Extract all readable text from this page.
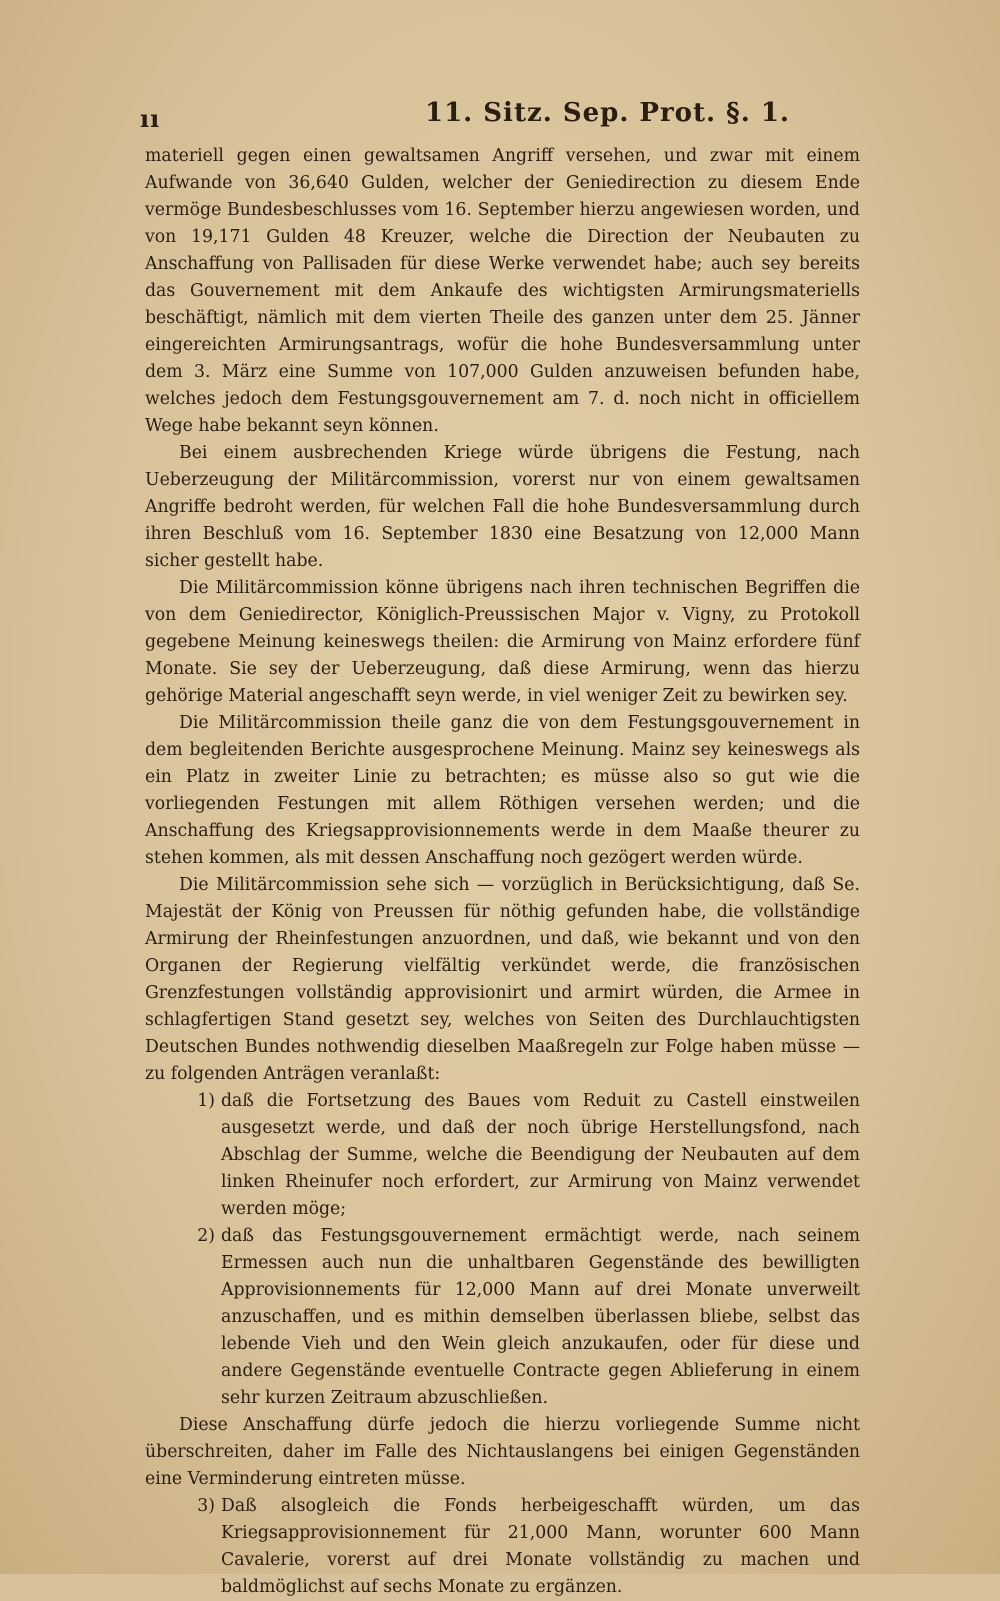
ıı	11. Sitz. Sep. Prot. §. 1.

materiell gegen einen gewaltsamen Angriff versehen, und zwar mit einem Aufwande von 36,640 Gulden, welcher der Geniedirection zu diesem Ende vermöge Bundesbeschlusses vom 16. September hierzu angewiesen worden, und von 19,171 Gulden 48 Kreuzer, welche die Direction der Neubauten zu Anschaffung von Pallisaden für diese Werke verwendet habe; auch sey bereits das Gouvernement mit dem Ankaufe des wichtigsten Armirungsmateriells beschäftigt, nämlich mit dem vierten Theile des ganzen unter dem 25. Jänner eingereichten Armirungsantrags, wofür die hohe Bundesversammlung unter dem 3. März eine Summe von 107,000 Gulden anzuweisen befunden habe, welches jedoch dem Festungsgouvernement am 7. d. noch nicht in officiellem Wege habe bekannt seyn können.

Bei einem ausbrechenden Kriege würde übrigens die Festung, nach Ueberzeugung der Militärcommission, vorerst nur von einem gewaltsamen Angriffe bedroht werden, für welchen Fall die hohe Bundesversammlung durch ihren Beschluß vom 16. September 1830 eine Besatzung von 12,000 Mann sicher gestellt habe.

Die Militärcommission könne übrigens nach ihren technischen Begriffen die von dem Geniedirector, Königlich-Preussischen Major v. Vigny, zu Protokoll gegebene Meinung keineswegs theilen: die Armirung von Mainz erfordere fünf Monate. Sie sey der Ueberzeugung, daß diese Armirung, wenn das hierzu gehörige Material angeschafft seyn werde, in viel weniger Zeit zu bewirken sey.

Die Militärcommission theile ganz die von dem Festungsgouvernement in dem begleitenden Berichte ausgesprochene Meinung. Mainz sey keineswegs als ein Platz in zweiter Linie zu betrachten; es müsse also so gut wie die vorliegenden Festungen mit allem Röthigen versehen werden; und die Anschaffung des Kriegsapprovisionnements werde in dem Maaße theurer zu stehen kommen, als mit dessen Anschaffung noch gezögert werden würde.

Die Militärcommission sehe sich — vorzüglich in Berücksichtigung, daß Se. Majestät der König von Preussen für nöthig gefunden habe, die vollständige Armirung der Rheinfestungen anzuordnen, und daß, wie bekannt und von den Organen der Regierung vielfältig verkündet werde, die französischen Grenzfestungen vollständig approvisionirt und armirt würden, die Armee in schlagfertigen Stand gesetzt sey, welches von Seiten des Durchlauchtigsten Deutschen Bundes nothwendig dieselben Maaßregeln zur Folge haben müsse — zu folgenden Anträgen veranlaßt:

1) daß die Fortsetzung des Baues vom Reduit zu Castell einstweilen ausgesetzt werde, und daß der noch übrige Herstellungsfond, nach Abschlag der Summe, welche die Beendigung der Neubauten auf dem linken Rheinufer noch erfordert, zur Armirung von Mainz verwendet werden möge;

2) daß das Festungsgouvernement ermächtigt werde, nach seinem Ermessen auch nun die unhaltbaren Gegenstände des bewilligten Approvisionnements für 12,000 Mann auf drei Monate unverweilt anzuschaffen, und es mithin demselben überlassen bliebe, selbst das lebende Vieh und den Wein gleich anzukaufen, oder für diese und andere Gegenstände eventuelle Contracte gegen Ablieferung in einem sehr kurzen Zeitraum abzuschließen.

Diese Anschaffung dürfe jedoch die hierzu vorliegende Summe nicht überschreiten, daher im Falle des Nichtauslangens bei einigen Gegenständen eine Verminderung eintreten müsse.

3) Daß alsogleich die Fonds herbeigeschafft würden, um das Kriegsapprovisionnement für 21,000 Mann, worunter 600 Mann Cavalerie, vorerst auf drei Monate vollständig zu machen und baldmöglichst auf sechs Monate zu ergänzen.
